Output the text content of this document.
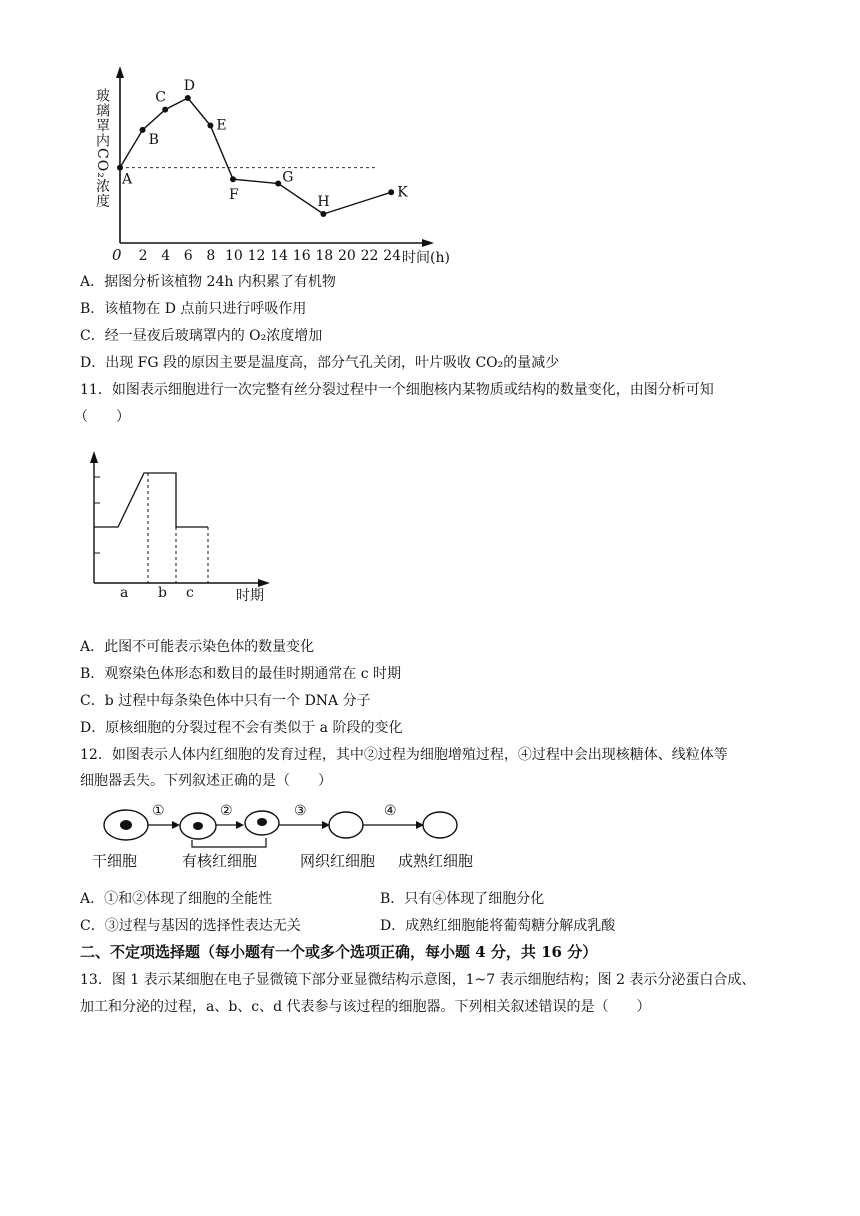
玻璃罩内CO₂浓度
2 4 6 8 10 12 14 16 18 20 22 24
0	时间(h)
A
B
C
D
E
F
G
H
K
A．据图分析该植物 24h 内积累了有机物
B．该植物在 D 点前只进行呼吸作用
C．经一昼夜后玻璃罩内的 O₂浓度增加
D．出现 FG 段的原因主要是温度高，部分气孔关闭，叶片吸收 CO₂的量减少
11．如图表示细胞进行一次完整有丝分裂过程中一个细胞核内某物质或结构的数量变化，由图分析可知
（　　）
a b c	时期
A．此图不可能表示染色体的数量变化
B．观察染色体形态和数目的最佳时期通常在 c 时期
C．b 过程中每条染色体中只有一个 DNA 分子
D．原核细胞的分裂过程不会有类似于 a 阶段的变化
12．如图表示人体内红细胞的发育过程，其中②过程为细胞增殖过程，④过程中会出现核糖体、线粒体等
细胞器丢失。下列叙述正确的是（　　）
①	②	③	④
干细胞	有核红细胞	网织红细胞 成熟红细胞
A．①和②体现了细胞的全能性	B．只有④体现了细胞分化
C．③过程与基因的选择性表达无关	D．成熟红细胞能将葡萄糖分解成乳酸
二、不定项选择题（每小题有一个或多个选项正确，每小题 4 分，共 16 分）
13．图 1 表示某细胞在电子显微镜下部分亚显微结构示意图，1~7 表示细胞结构；图 2 表示分泌蛋白合成、
加工和分泌的过程，a、b、c、d 代表参与该过程的细胞器。下列相关叙述错误的是（　　）
